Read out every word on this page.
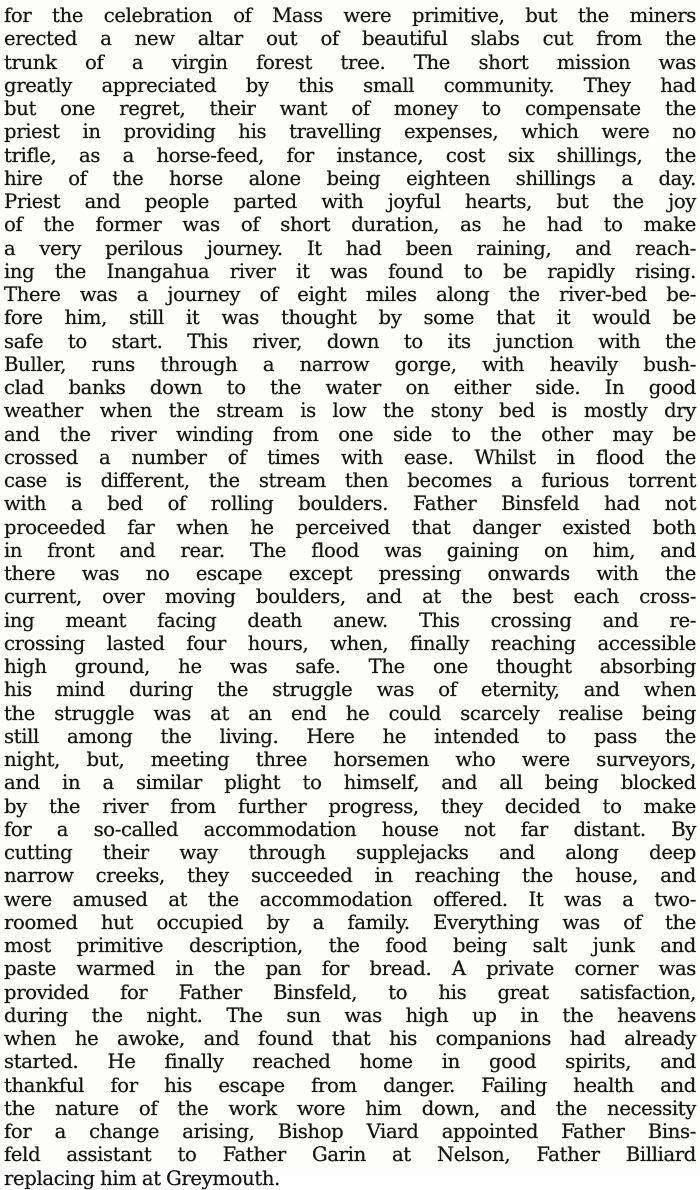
for the celebration of Mass were primitive, but the miners
erected a new altar out of beautiful slabs cut from the
trunk of a virgin forest tree. The short mission was
greatly appreciated by this small community. They had
but one regret, their want of money to compensate the
priest in providing his travelling expenses, which were no
trifle, as a horse-feed, for instance, cost six shillings, the
hire of the horse alone being eighteen shillings a day.
Priest and people parted with joyful hearts, but the joy
of the former was of short duration, as he had to make
a very perilous journey. It had been raining, and reach-
ing the Inangahua river it was found to be rapidly rising.
There was a journey of eight miles along the river-bed be-
fore him, still it was thought by some that it would be
safe to start. This river, down to its junction with the
Buller, runs through a narrow gorge, with heavily bush-
clad banks down to the water on either side. In good
weather when the stream is low the stony bed is mostly dry
and the river winding from one side to the other may be
crossed a number of times with ease. Whilst in flood the
case is different, the stream then becomes a furious torrent
with a bed of rolling boulders. Father Binsfeld had not
proceeded far when he perceived that danger existed both
in front and rear. The flood was gaining on him, and
there was no escape except pressing onwards with the
current, over moving boulders, and at the best each cross-
ing meant facing death anew. This crossing and re-
crossing lasted four hours, when, finally reaching accessible
high ground, he was safe. The one thought absorbing
his mind during the struggle was of eternity, and when
the struggle was at an end he could scarcely realise being
still among the living. Here he intended to pass the
night, but, meeting three horsemen who were surveyors,
and in a similar plight to himself, and all being blocked
by the river from further progress, they decided to make
for a so-called accommodation house not far distant. By
cutting their way through supplejacks and along deep
narrow creeks, they succeeded in reaching the house, and
were amused at the accommodation offered. It was a two-
roomed hut occupied by a family. Everything was of the
most primitive description, the food being salt junk and
paste warmed in the pan for bread. A private corner was
provided for Father Binsfeld, to his great satisfaction,
during the night. The sun was high up in the heavens
when he awoke, and found that his companions had already
started. He finally reached home in good spirits, and
thankful for his escape from danger. Failing health and
the nature of the work wore him down, and the necessity
for a change arising, Bishop Viard appointed Father Bins-
feld assistant to Father Garin at Nelson, Father Billiard
replacing him at Greymouth.
